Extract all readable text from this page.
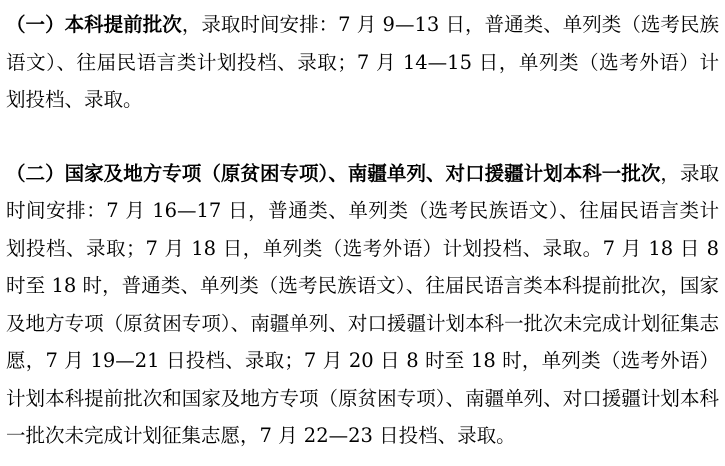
（一）本科提前批次，录取时间安排：7 月 9—13 日，普通类、单列类（选考民族语文）、往届民语言类计划投档、录取；7 月 14—15 日，单列类（选考外语）计划投档、录取。

（二）国家及地方专项（原贫困专项）、南疆单列、对口援疆计划本科一批次，录取时间安排：7 月 16—17 日，普通类、单列类（选考民族语文）、往届民语言类计划投档、录取；7 月 18 日，单列类（选考外语）计划投档、录取。7 月 18 日 8 时至 18 时，普通类、单列类（选考民族语文）、往届民语言类本科提前批次，国家及地方专项（原贫困专项）、南疆单列、对口援疆计划本科一批次未完成计划征集志愿，7 月 19—21 日投档、录取；7 月 20 日 8 时至 18 时，单列类（选考外语）计划本科提前批次和国家及地方专项（原贫困专项）、南疆单列、对口援疆计划本科一批次未完成计划征集志愿，7 月 22—23 日投档、录取。
